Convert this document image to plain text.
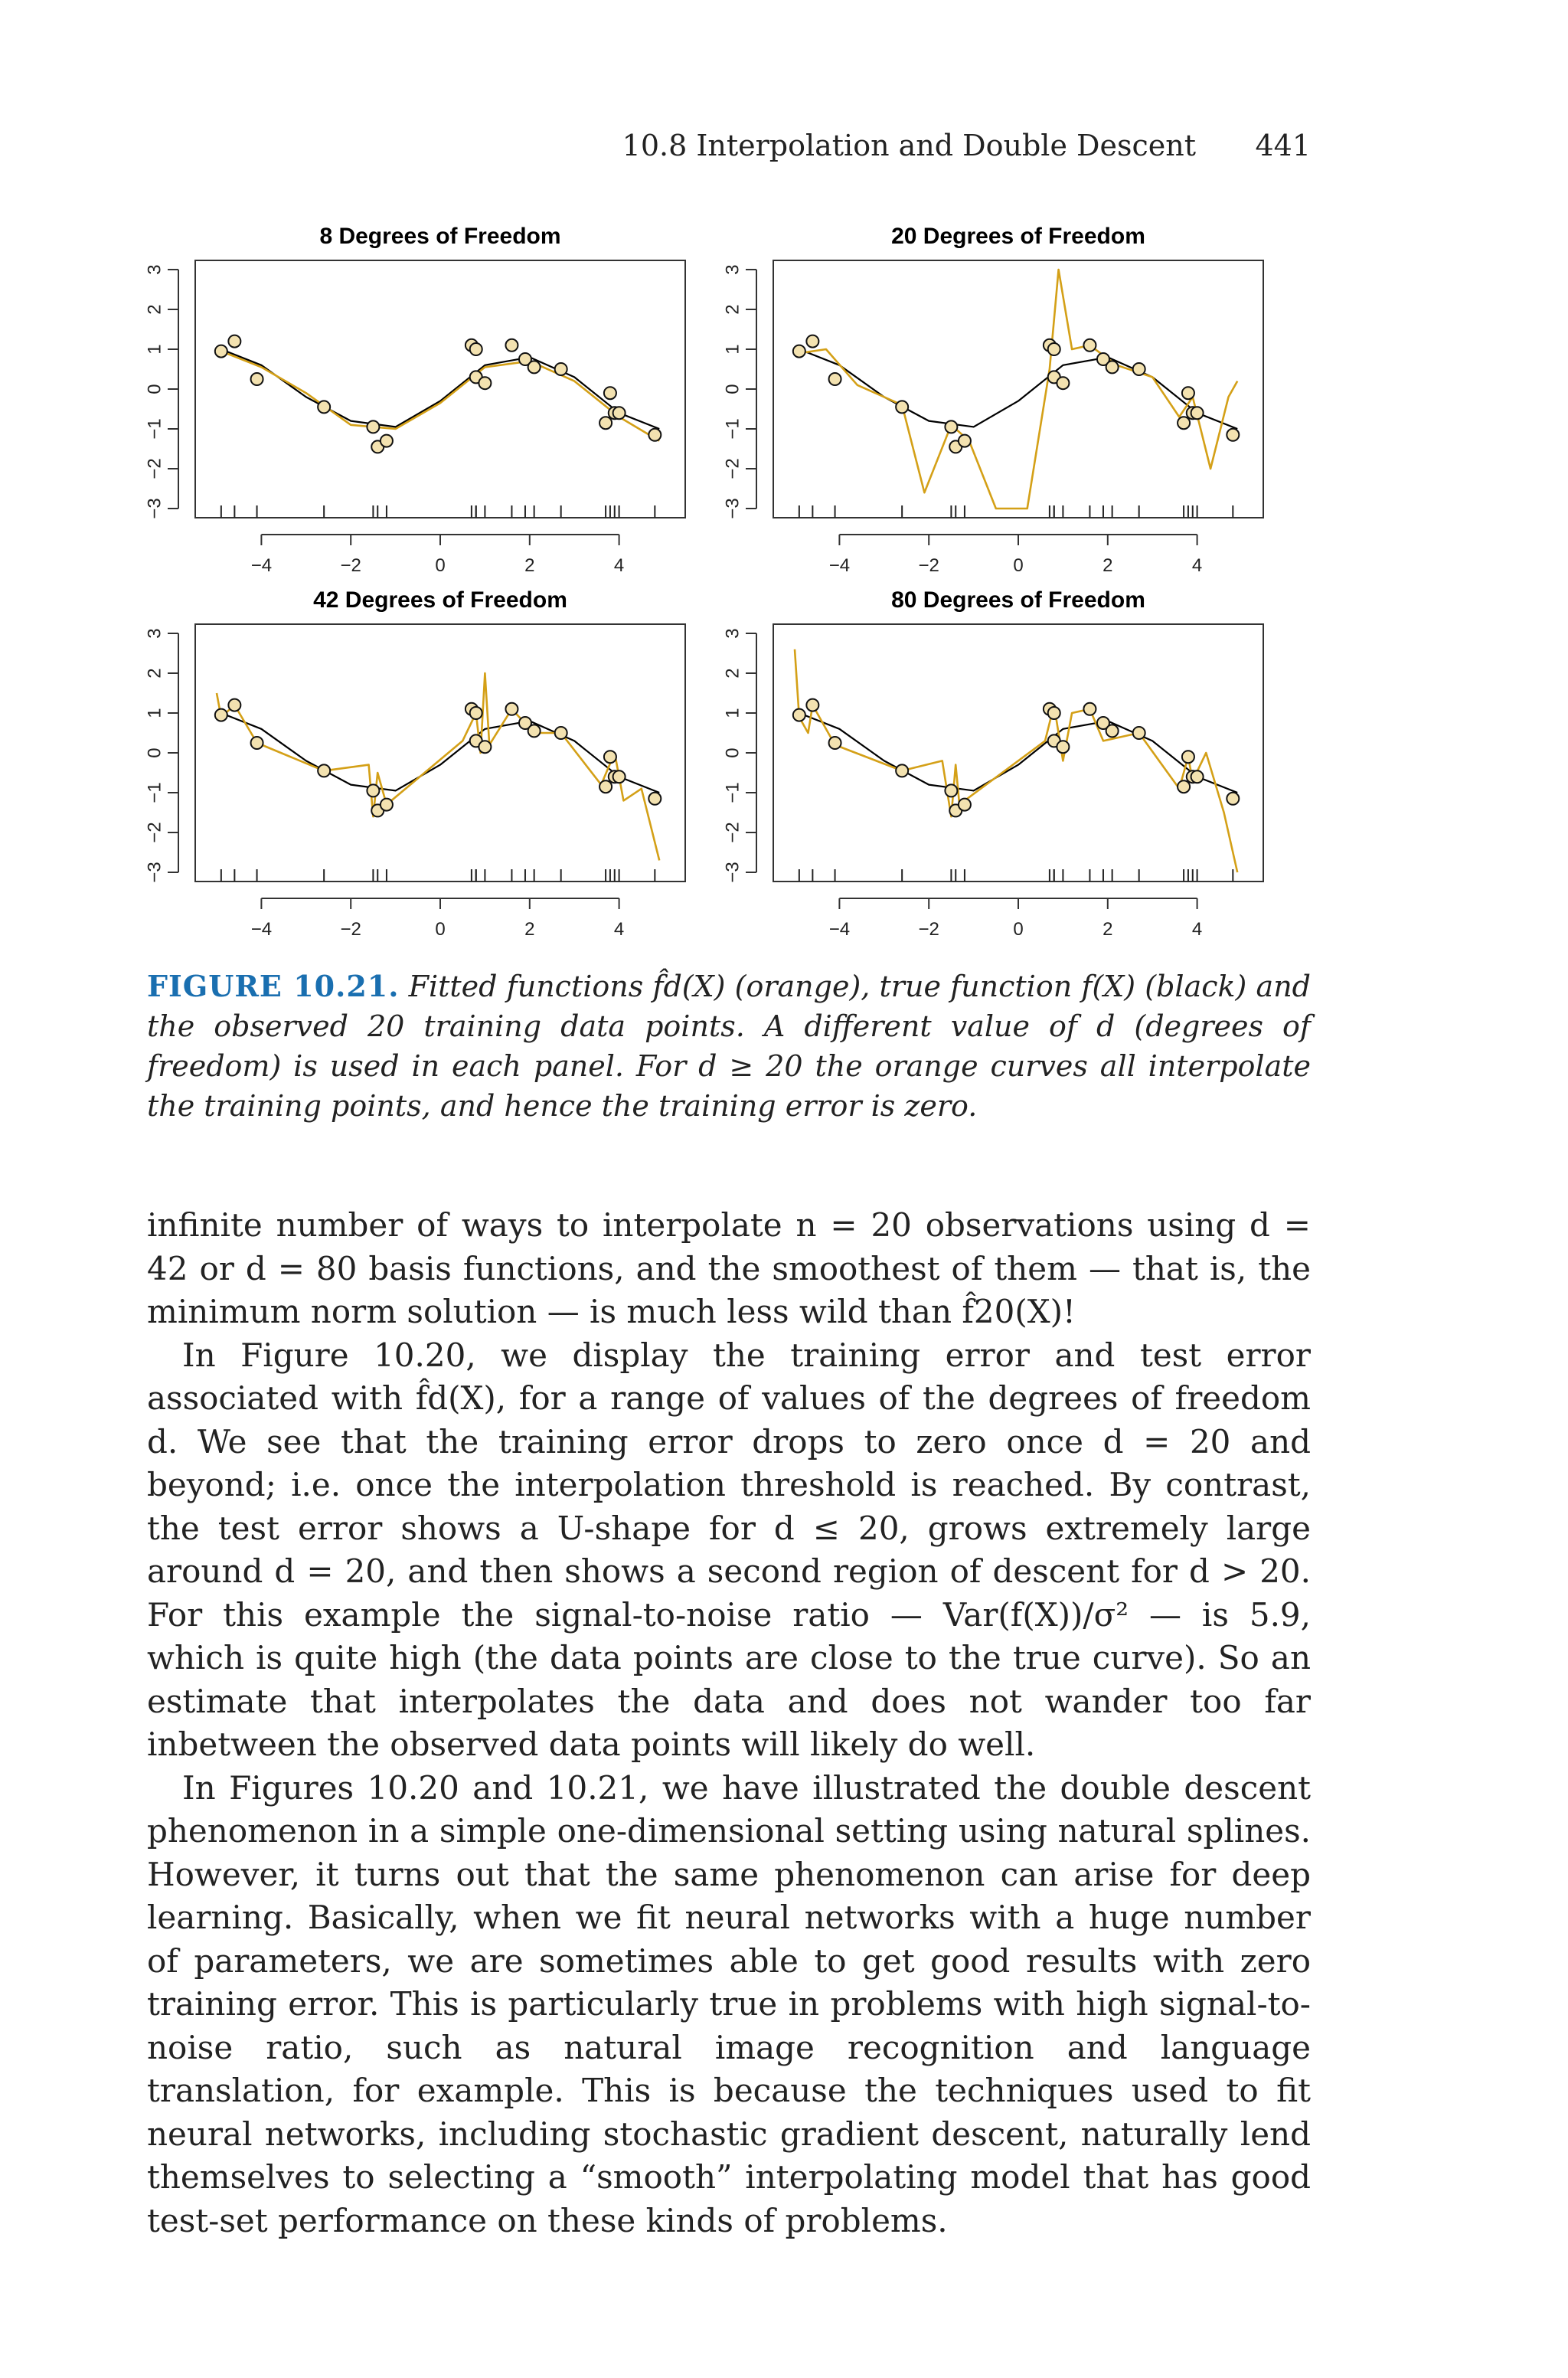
10.8 Interpolation and Double Descent 441
8 Degrees of Freedom
−3
−2
−1
0
1
2
3
−4	−2	0	2	4
20 Degrees of Freedom
−3
−2
−1
0
1
2
3
−4	−2	0	2	4
42 Degrees of Freedom
−3
−2
−1
0
1
2
3
−4	−2	0	2	4
80 Degrees of Freedom
−3
−2
−1
0
1
2
3
−4	−2	0	2	4
FIGURE 10.21. Fitted functions f̂d(X) (orange), true function f(X) (black) and the observed 20 training data points. A different value of d (degrees of freedom) is used in each panel. For d ≥ 20 the orange curves all interpolate the training points, and hence the training error is zero.

infinite number of ways to interpolate n = 20 observations using d = 42 or d = 80 basis functions, and the smoothest of them — that is, the minimum norm solution — is much less wild than f̂20(X)!

In Figure 10.20, we display the training error and test error associated with f̂d(X), for a range of values of the degrees of freedom d. We see that the training error drops to zero once d = 20 and beyond; i.e. once the interpolation threshold is reached. By contrast, the test error shows a U-shape for d ≤ 20, grows extremely large around d = 20, and then shows a second region of descent for d > 20. For this example the signal-to-noise ratio — Var(f(X))/σ² — is 5.9, which is quite high (the data points are close to the true curve). So an estimate that interpolates the data and does not wander too far inbetween the observed data points will likely do well.

In Figures 10.20 and 10.21, we have illustrated the double descent phenomenon in a simple one-dimensional setting using natural splines. However, it turns out that the same phenomenon can arise for deep learning. Basically, when we fit neural networks with a huge number of parameters, we are sometimes able to get good results with zero training error. This is particularly true in problems with high signal-to-noise ratio, such as natural image recognition and language translation, for example. This is because the techniques used to fit neural networks, including stochastic gradient descent, naturally lend themselves to selecting a “smooth” interpolating model that has good test-set performance on these kinds of problems.
